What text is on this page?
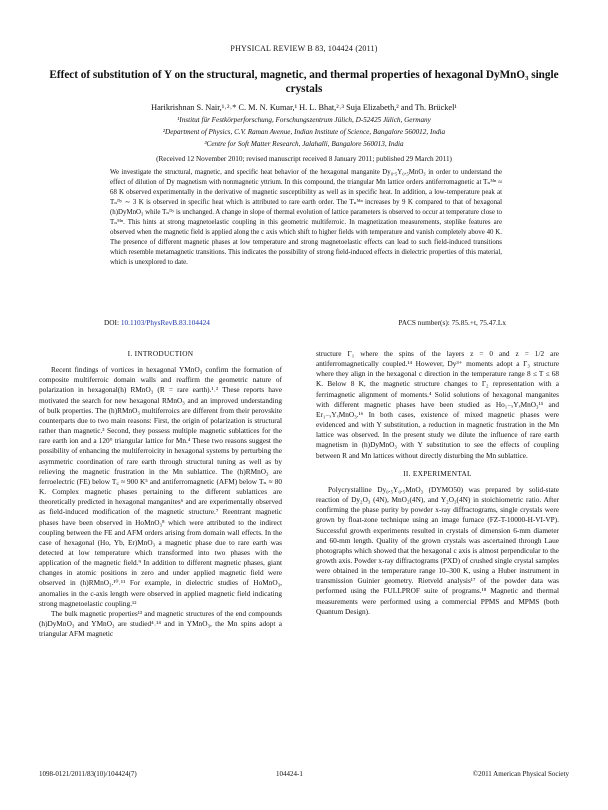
PHYSICAL REVIEW B 83, 104424 (2011)
Effect of substitution of Y on the structural, magnetic, and thermal properties of hexagonal DyMnO₃ single crystals
Harikrishnan S. Nair,¹˒²˒* C. M. N. Kumar,¹ H. L. Bhat,²˒³ Suja Elizabeth,² and Th. Brückel¹
¹Institut für Festkörperforschung, Forschungszentrum Jülich, D-52425 Jülich, Germany
²Department of Physics, C.V. Raman Avenue, Indian Institute of Science, Bangalore 560012, India
³Centre for Soft Matter Research, Jalahalli, Bangalore 560013, India
(Received 12 November 2010; revised manuscript received 8 January 2011; published 29 March 2011)
We investigate the structural, magnetic, and specific heat behavior of the hexagonal manganite Dy₀.₅Y₀.₅MnO₃ in order to understand the effect of dilution of Dy magnetism with nonmagnetic yttrium. In this compound, the triangular Mn lattice orders antiferromagnetic at Tₙᴹⁿ ≈ 68 K observed experimentally in the derivative of magnetic susceptibility as well as in specific heat. In addition, a low-temperature peak at Tₙᴰʸ ∼ 3 K is observed in specific heat which is attributed to rare earth order. The Tₙᴹⁿ increases by 9 K compared to that of hexagonal (h)DyMnO₃ while Tₙᴰʸ is unchanged. A change in slope of thermal evolution of lattice parameters is observed to occur at temperature close to Tₙᴹⁿ. This hints at strong magnetoelastic coupling in this geometric multiferroic. In magnetization measurements, steplike features are observed when the magnetic field is applied along the c axis which shift to higher fields with temperature and vanish completely above 40 K. The presence of different magnetic phases at low temperature and strong magnetoelastic effects can lead to such field-induced transitions which resemble metamagnetic transitions. This indicates the possibility of strong field-induced effects in dielectric properties of this material, which is unexplored to date.
DOI: 10.1103/PhysRevB.83.104424	PACS number(s): 75.85.+t, 75.47.Lx
I. INTRODUCTION

Recent findings of vortices in hexagonal YMnO₃ confirm the formation of composite multiferroic domain walls and reaffirm the geometric nature of polarization in hexagonal(h) RMnO₃ (R = rare earth).¹˒² These reports have motivated the search for new hexagonal RMnO₃ and an improved understanding of bulk properties. The (h)RMnO₃ multiferroics are different from their perovskite counterparts due to two main reasons: First, the origin of polarization is structural rather than magnetic.³ Second, they possess multiple magnetic sublattices for the rare earth ion and a 120° triangular lattice for Mn.⁴ These two reasons suggest the possibility of enhancing the multiferroicity in hexagonal systems by perturbing the asymmetric coordination of rare earth through structural tuning as well as by relieving the magnetic frustration in the Mn sublattice. The (h)RMnO₃ are ferroelectric (FE) below T꜀ ≈ 900 K⁵ and antiferromagnetic (AFM) below Tₙ ≈ 80 K. Complex magnetic phases pertaining to the different sublattices are theoretically predicted in hexagonal manganites⁶ and are experimentally observed as field-induced modification of the magnetic structure.⁷ Reentrant magnetic phases have been observed in HoMnO₃⁸ which were attributed to the indirect coupling between the FE and AFM orders arising from domain wall effects. In the case of hexagonal (Ho, Yb, Er)MnO₃ a magnetic phase due to rare earth was detected at low temperature which transformed into two phases with the application of the magnetic field.⁹ In addition to different magnetic phases, giant changes in atomic positions in zero and under applied magnetic field were observed in (h)RMnO₃.¹⁰˒¹¹ For example, in dielectric studies of HoMnO₃, anomalies in the c-axis length were observed in applied magnetic field indicating strong magnetoelastic coupling.¹²

The bulk magnetic properties¹³ and magnetic structures of the end compounds (h)DyMnO₃ and YMnO₃ are studied⁴˒¹⁴ and in YMnO₃, the Mn spins adopt a triangular AFM magnetic

structure Γ₁ where the spins of the layers z = 0 and z = 1/2 are antiferromagnetically coupled.¹⁴ However, Dy³⁺ moments adopt a Γ₃ structure where they align in the hexagonal c direction in the temperature range 8 ≤ T ≤ 68 K. Below 8 K, the magnetic structure changes to Γ₂ representation with a ferrimagnetic alignment of moments.⁴ Solid solutions of hexagonal manganites with different magnetic phases have been studied as Ho₁₋ₓYₓMnO₃¹⁵ and Er₁₋ₓYₓMnO₃.¹⁶ In both cases, existence of mixed magnetic phases were evidenced and with Y substitution, a reduction in magnetic frustration in the Mn lattice was observed. In the present study we dilute the influence of rare earth magnetism in (h)DyMnO₃ with Y substitution to see the effects of coupling between R and Mn lattices without directly disturbing the Mn sublattice.

II. EXPERIMENTAL

Polycrystalline Dy₀.₅Y₀.₅MnO₃ (DYMO50) was prepared by solid-state reaction of Dy₂O₃ (4N), MnO₂(4N), and Y₂O₃(4N) in stoichiometric ratio. After confirming the phase purity by powder x-ray diffractograms, single crystals were grown by float-zone technique using an image furnace (FZ-T-10000-H-VI-VP). Successful growth experiments resulted in crystals of dimension 6-mm diameter and 60-mm length. Quality of the grown crystals was ascertained through Laue photographs which showed that the hexagonal c axis is almost perpendicular to the growth axis. Powder x-ray diffractograms (PXD) of crushed single crystal samples were obtained in the temperature range 10–300 K, using a Huber instrument in transmission Guinier geometry. Rietveld analysis¹⁷ of the powder data was performed using the FULLPROF suite of programs.¹⁸ Magnetic and thermal measurements were performed using a commercial PPMS and MPMS (both Quantum Design).

1098-0121/2011/83(10)/104424(7)	104424-1	©2011 American Physical Society
